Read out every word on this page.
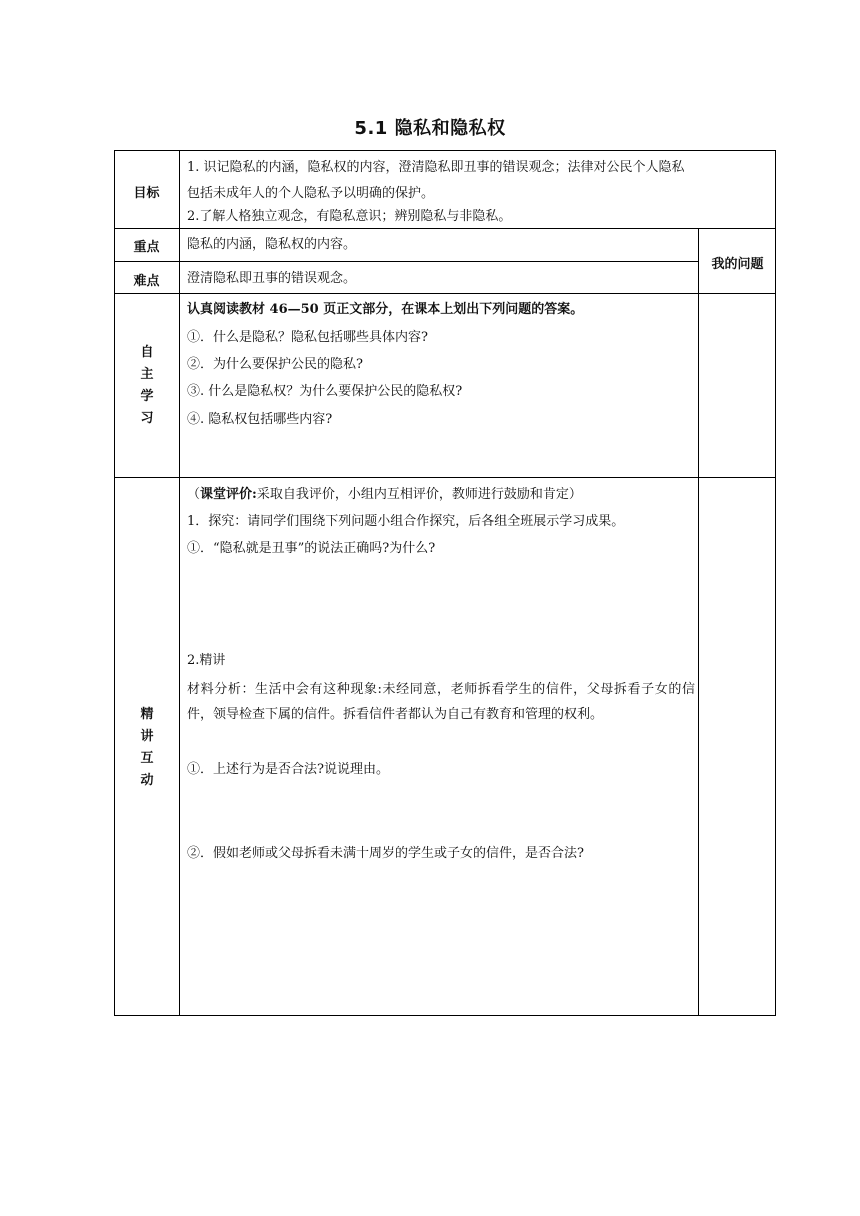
5.1 隐私和隐私权
目标
1. 识记隐私的内涵，隐私权的内容，澄清隐私即丑事的错误观念；法律对公民个人隐私
包括未成年人的个人隐私予以明确的保护。
2.了解人格独立观念，有隐私意识；辨别隐私与非隐私。
重点	隐私的内涵，隐私权的内容。
难点	澄清隐私即丑事的错误观念。
我的问题
自
主
学
习
认真阅读教材 46—50 页正文部分，在课本上划出下列问题的答案。
①．什么是隐私？隐私包括哪些具体内容?
②．为什么要保护公民的隐私?
③. 什么是隐私权？为什么要保护公民的隐私权?
④. 隐私权包括哪些内容?
精
讲
互
动
（课堂评价:采取自我评价，小组内互相评价，教师进行鼓励和肯定）
1．探究：请同学们围绕下列问题小组合作探究，后各组全班展示学习成果。
①．“隐私就是丑事”的说法正确吗?为什么?
2.精讲
材料分析：生活中会有这种现象:未经同意，老师拆看学生的信件，父母拆看子女的信件，领导检查下属的信件。拆看信件者都认为自己有教育和管理的权利。
①．上述行为是否合法?说说理由。
②．假如老师或父母拆看未满十周岁的学生或子女的信件，是否合法?
